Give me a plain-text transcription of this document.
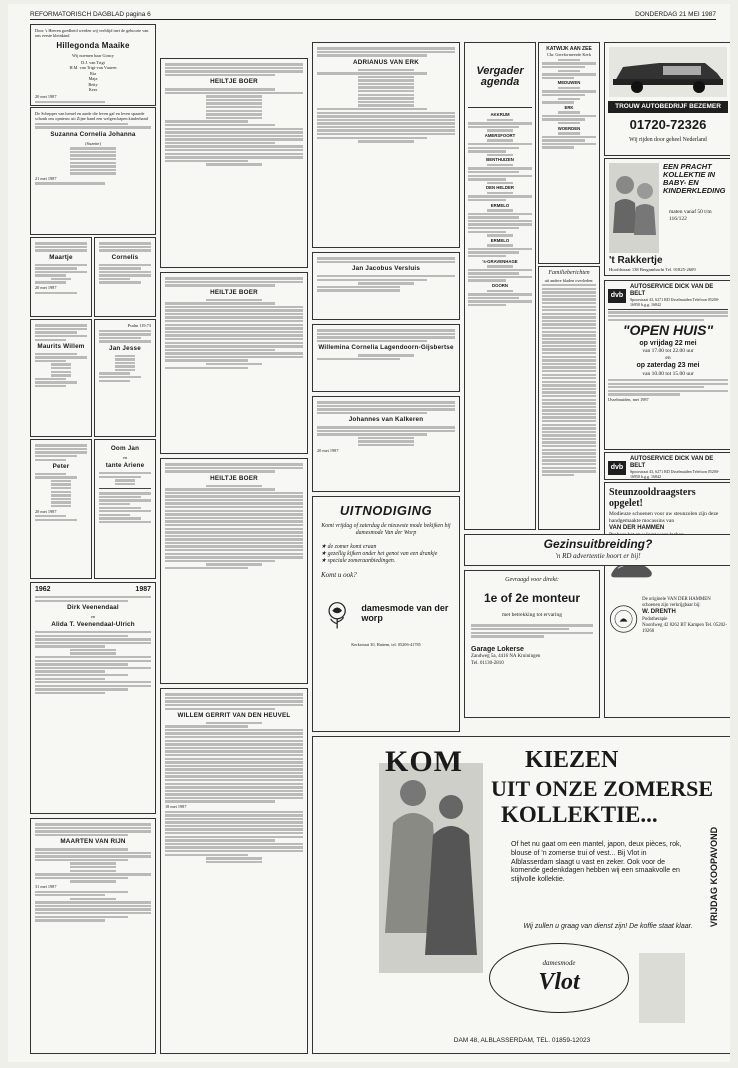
REFORMATORISCH DAGBLAD pagina 6	DONDERDAG 21 MEI 1987
Door 's Heeren goedheid werden wij verblijd met de geboorte van ons eerste kleinkind
Hillegonda Maaike
Wij noemen haar Goncy
D.J. van Trigt
H.M. van Trigt-van Vuuren
Ria
Maja
Betty
Kees
20 mei 1987
De Schepper van hemel en aarde die leven gaf en leven spaarde schonk ons opnieuw uit Zijne hand een welgeschapen kinderhand
Suzanna Cornelia Johanna
(Suzette)
21 mei 1987
Maartje
20 mei 1987
Cornelis
Maurits Willem
Psalm 119:73
Jan Jesse
Peter
20 mei 1987
Oom Jan
en
tante Ariene
1962	1987
Dirk Veenendaal
en
Alida T. Veenendaal-Ulrich
MAARTEN VAN RIJN
31 mei 1987
HEILTJE BOER
HEILTJE BOER
HEILTJE BOER
WILLEM GERRIT VAN DEN HEUVEL
18 mei 1987
ADRIANUS VAN ERK
Jan Jacobus Versluis
Willemina Cornelia Lagendoorn-Gijsbertse
Johannes van Kalkeren
20 mei 1987
UITNODIGING
Komt vrijdag of zaterdag de nieuwste mode bekijken bij damesmode Van der Worp
★ de zomer komt eraan
★ gezellig kijken onder het genot van een drankje
★ speciale zomeraanbiedingen.
Komt u ook?
damesmode van der worp
Kerkstraat 30, Hattem, tel. 05206-41785
Vergader agenda
AKKRUM
AMERSFOORT
BENTHUIZEN
DEN HELDER
ERMELO
ERMELO
's-GRAVENHAGE
DOORN
KATWIJK AAN ZEE
Chr. Gereformeerde Kerk
MEDUWEN
ERK
WOERDEN
Familieberichten
uit andere bladen overleden:
TROUW AUTOBEDRIJF BEZEMER
01720-72326
Wij rijden door geheel Nederland
EEN PRACHT KOLLEKTIE IN BABY- EN KINDERKLEDING
maten vanaf 50 t/m 116/122
't Rakkertje
Hoofdstraat 138 Bergambacht Tel. 01825-2609
dvb
AUTOSERVICE DICK VAN DE BELT
Spoorstraat 43, 6271 RD IJsselmuiden Telefoon 05200-16950 b.g.g. 16842
"OPEN HUIS"
op vrijdag 22 mei
van 17.00 tot 22.00 uur
en
op zaterdag 23 mei
van 10.00 tot 15.00 uur
IJsselmuiden, mei 1987
dvb
AUTOSERVICE DICK VAN DE BELT
Spoorstraat 43, 6271 RD IJsselmuiden Telefoon 05200-16950 b.g.g. 16842
Steunzooldraagsters opgelet!
Modieuze schoenen voor uw steunzolen zijn deze handgemaakte mocassins van
VAN DER HAMMEN
De originele VAN DER HAMMEN schoenen zijn verkrijgbaar bij:
W. DRENTH
Podotherapie
Noordweg 42 8262 BT Kampen Tel. 05202-19260
Gezinsuitbreiding?
'n RD advertentie hoort er bij!
Gevraagd voor direkt:
1e of 2e monteur
met betrekking tot ervaring
Garage Lokerse
Zandweg 5a, 4416 NA Kruiningen
Tel. 01130-2810
KOM	KIEZEN
UIT ONZE ZOMERSE
KOLLEKTIE...
Of het nu gaat om een mantel, japon, deux pièces, rok, blouse of 'n zomerse trui of vest... Bij Vlot in Alblasserdam slaagt u vast en zeker. Ook voor de komende gedenkdagen hebben wij een smaakvolle en stijlvolle kollektie.
Wij zullen u graag van dienst zijn! De koffie staat klaar.
damesmode
Vlot
VRIJDAG KOOPAVOND
DAM 48, ALBLASSERDAM, TEL. 01859-12023
